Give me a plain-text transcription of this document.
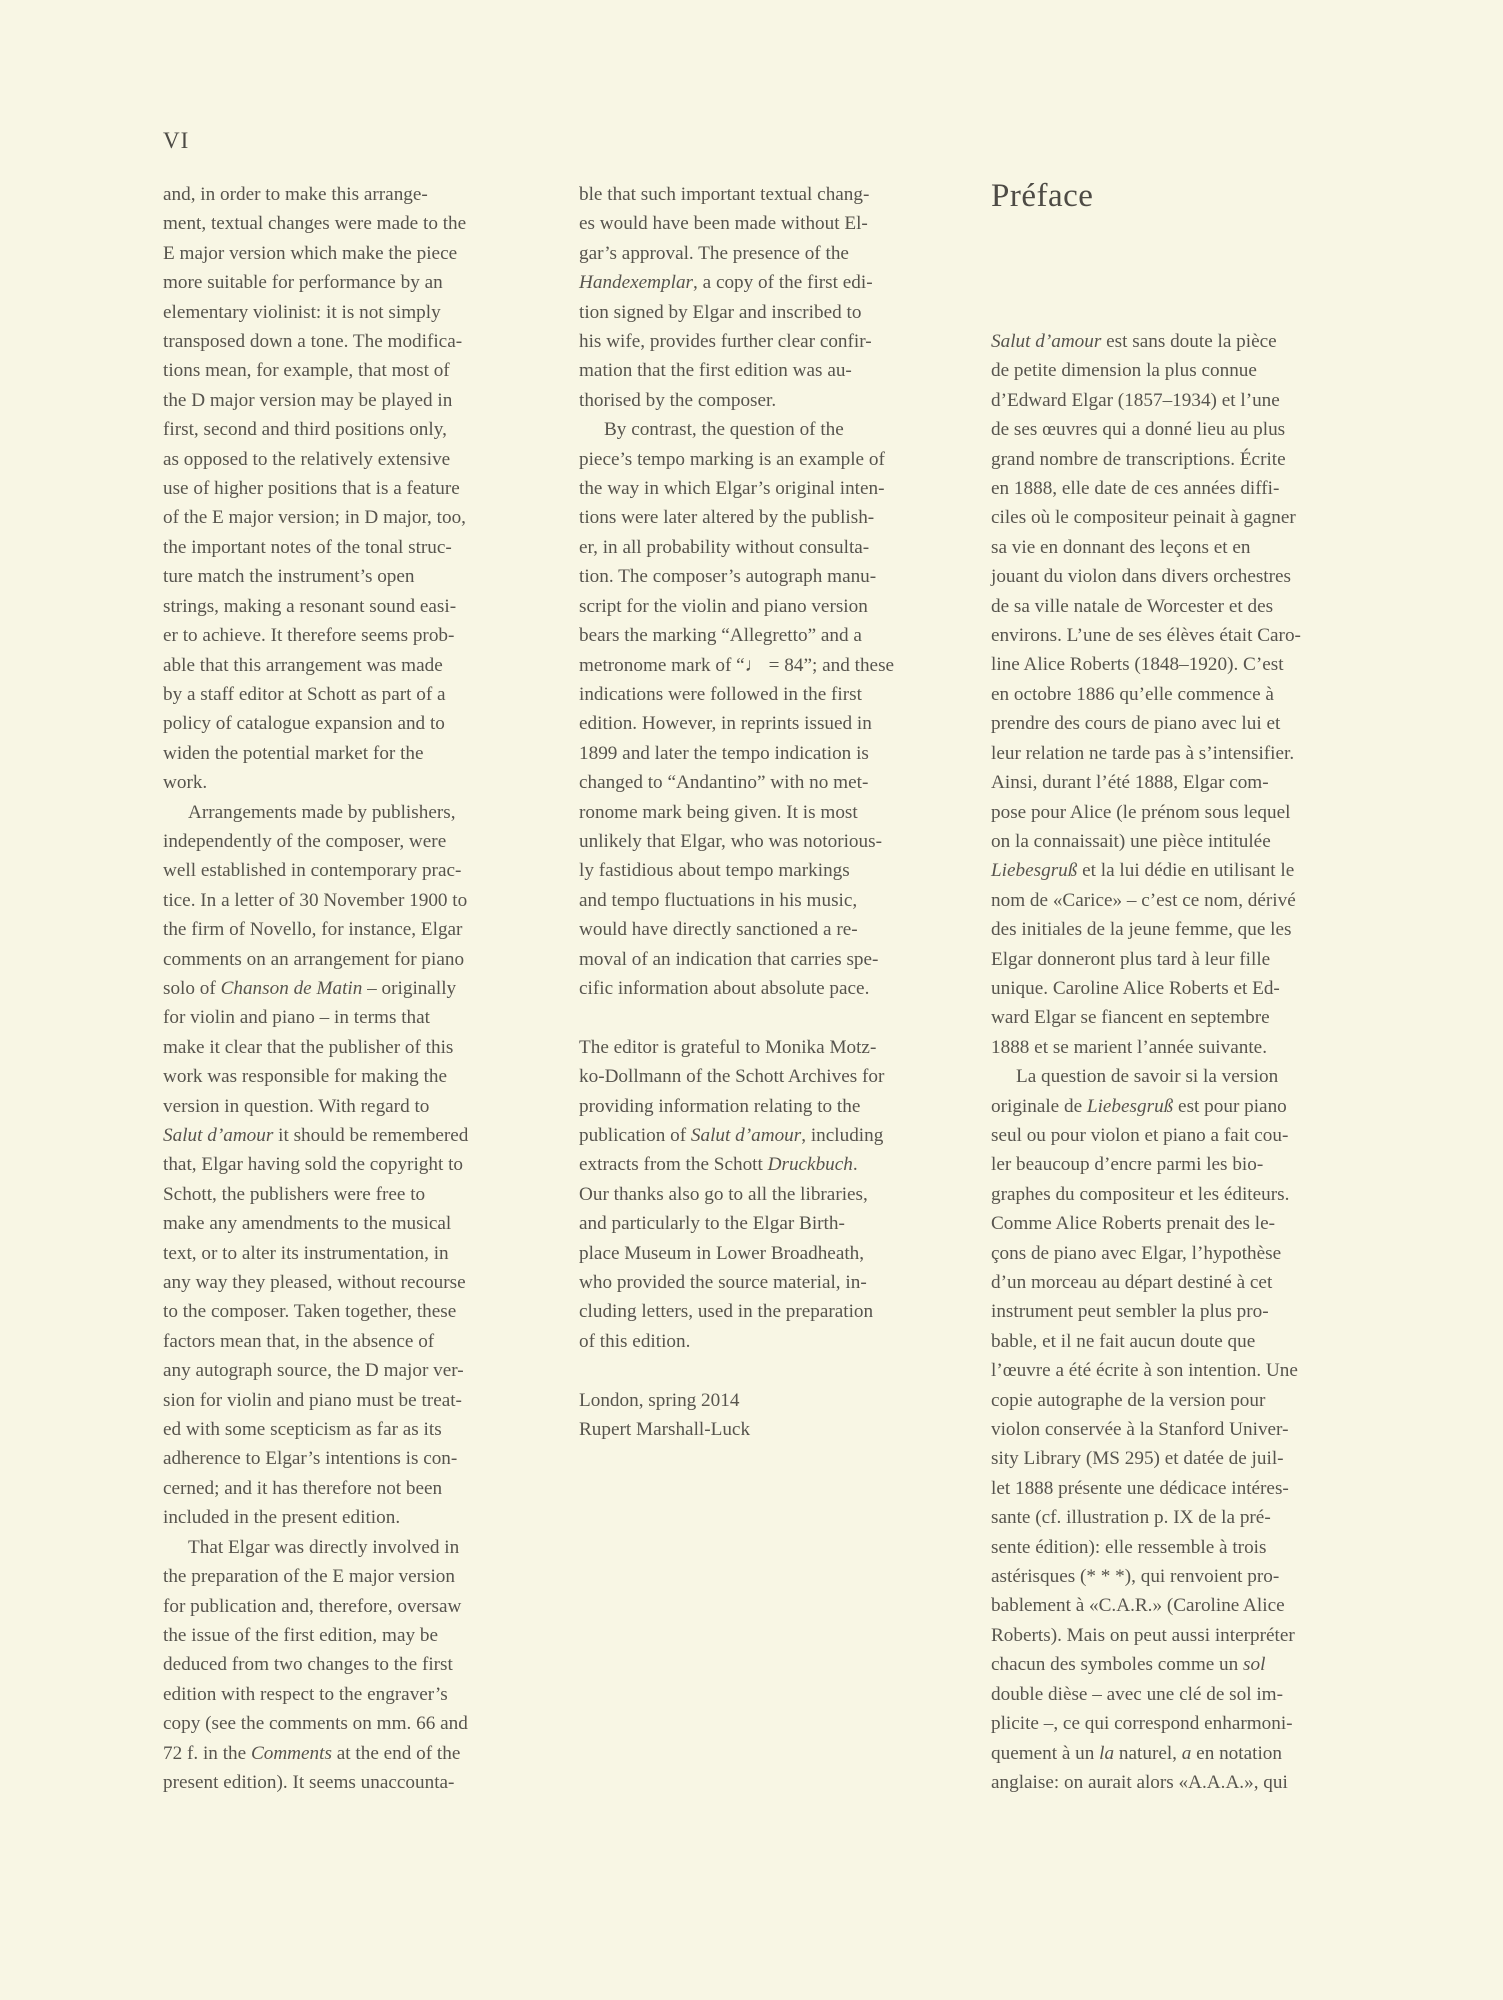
VI
Préface

and, in order to make this arrange-
ment, textual changes were made to the
E major version which make the piece
more suitable for performance by an
elementary violinist: it is not simply
transposed down a tone. The modifica-
tions mean, for example, that most of
the D major version may be played in
first, second and third positions only,
as opposed to the relatively extensive
use of higher positions that is a feature
of the E major version; in D major, too,
the important notes of the tonal struc-
ture match the instrument’s open
strings, making a resonant sound easi-
er to achieve. It therefore seems prob-
able that this arrangement was made
by a staff editor at Schott as part of a
policy of catalogue expansion and to
widen the potential market for the
work.

Arrangements made by publishers,
independently of the composer, were
well established in contemporary prac-
tice. In a letter of 30 November 1900 to
the firm of Novello, for instance, Elgar
comments on an arrangement for piano
solo of Chanson de Matin – originally
for violin and piano – in terms that
make it clear that the publisher of this
work was responsible for making the
version in question. With regard to
Salut d’amour it should be remembered
that, Elgar having sold the copyright to
Schott, the publishers were free to
make any amendments to the musical
text, or to alter its instrumentation, in
any way they pleased, without recourse
to the composer. Taken together, these
factors mean that, in the absence of
any autograph source, the D major ver-
sion for violin and piano must be treat-
ed with some scepticism as far as its
adherence to Elgar’s intentions is con-
cerned; and it has therefore not been
included in the present edition.

That Elgar was directly involved in
the preparation of the E major version
for publication and, therefore, oversaw
the issue of the first edition, may be
deduced from two changes to the first
edition with respect to the engraver’s
copy (see the comments on mm. 66 and
72 f. in the Comments at the end of the
present edition). It seems unaccounta-

ble that such important textual chang-
es would have been made without El-
gar’s approval. The presence of the
Handexemplar, a copy of the first edi-
tion signed by Elgar and inscribed to
his wife, provides further clear confir-
mation that the first edition was au-
thorised by the composer.

By contrast, the question of the
piece’s tempo marking is an example of
the way in which Elgar’s original inten-
tions were later altered by the publish-
er, in all probability without consulta-
tion. The composer’s autograph manu-
script for the violin and piano version
bears the marking “Allegretto” and a
metronome mark of “♩ = 84”; and these
indications were followed in the first
edition. However, in reprints issued in
1899 and later the tempo indication is
changed to “Andantino” with no met-
ronome mark being given. It is most
unlikely that Elgar, who was notorious-
ly fastidious about tempo markings
and tempo fluctuations in his music,
would have directly sanctioned a re-
moval of an indication that carries spe-
cific information about absolute pace.

The editor is grateful to Monika Motz-
ko-Dollmann of the Schott Archives for
providing information relating to the
publication of Salut d’amour, including
extracts from the Schott Druckbuch.
Our thanks also go to all the libraries,
and particularly to the Elgar Birth-
place Museum in Lower Broadheath,
who provided the source material, in-
cluding letters, used in the preparation
of this edition.

London, spring 2014
Rupert Marshall-Luck

Salut d’amour est sans doute la pièce
de petite dimension la plus connue
d’Edward Elgar (1857–1934) et l’une
de ses œuvres qui a donné lieu au plus
grand nombre de transcriptions. Écrite
en 1888, elle date de ces années diffi-
ciles où le compositeur peinait à gagner
sa vie en donnant des leçons et en
jouant du violon dans divers orchestres
de sa ville natale de Worcester et des
environs. L’une de ses élèves était Caro-
line Alice Roberts (1848–1920). C’est
en octobre 1886 qu’elle commence à
prendre des cours de piano avec lui et
leur relation ne tarde pas à s’intensifier.
Ainsi, durant l’été 1888, Elgar com-
pose pour Alice (le prénom sous lequel
on la connaissait) une pièce intitulée
Liebesgruß et la lui dédie en utilisant le
nom de «Carice» – c’est ce nom, dérivé
des initiales de la jeune femme, que les
Elgar donneront plus tard à leur fille
unique. Caroline Alice Roberts et Ed-
ward Elgar se fiancent en septembre
1888 et se marient l’année suivante.

La question de savoir si la version
originale de Liebesgruß est pour piano
seul ou pour violon et piano a fait cou-
ler beaucoup d’encre parmi les bio-
graphes du compositeur et les éditeurs.
Comme Alice Roberts prenait des le-
çons de piano avec Elgar, l’hypothèse
d’un morceau au départ destiné à cet
instrument peut sembler la plus pro-
bable, et il ne fait aucun doute que
l’œuvre a été écrite à son intention. Une
copie autographe de la version pour
violon conservée à la Stanford Univer-
sity Library (MS 295) et datée de juil-
let 1888 présente une dédicace intéres-
sante (cf. illustration p. IX de la pré-
sente édition): elle ressemble à trois
astérisques (* * *), qui renvoient pro-
bablement à «C.A.R.» (Caroline Alice
Roberts). Mais on peut aussi interpréter
chacun des symboles comme un sol
double dièse – avec une clé de sol im-
plicite –, ce qui correspond enharmoni-
quement à un la naturel, a en notation
anglaise: on aurait alors «A.A.A.», qui
